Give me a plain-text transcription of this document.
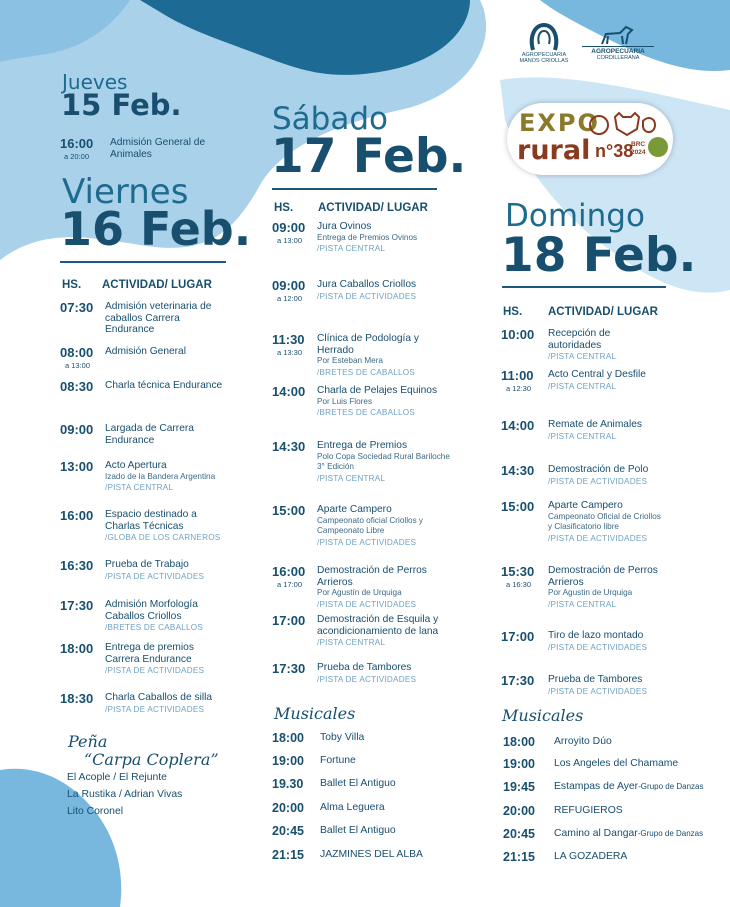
AGROPECUARIA
MANOS CRIOLLAS
AGROPECUARIA
CORDILLERANA
EXPO
rural n°38
BRC
2024
Jueves
15 Feb.
16:00
a 20:00
Admisión General de Animales
Viernes
16 Feb.
HS. ACTIVIDAD/ LUGAR
07:30 Admisión veterinaria de caballos Carrera Endurance
08:00
a 13:00
Admisión General
08:30 Charla técnica Endurance
09:00 Largada de Carrera Endurance
13:00 Acto Apertura
Izado de la Bandera Argentina
/PISTA CENTRAL
16:00 Espacio destinado a Charlas Técnicas
/GLOBA DE LOS CARNEROS
16:30 Prueba de Trabajo
/PISTA DE ACTIVIDADES
17:30 Admisión Morfología Caballos Criollos
/BRETES DE CABALLOS
18:00 Entrega de premios Carrera Endurance
/PISTA DE ACTIVIDADES
18:30 Charla Caballos de silla
/PISTA DE ACTIVIDADES
Peña
“Carpa Coplera”
El Acople / El Rejunte
La Rustika / Adrian Vivas
Lito Coronel
Sábado
17 Feb.
HS. ACTIVIDAD/ LUGAR
09:00
a 13:00
Jura Ovinos
Entrega de Premios Ovinos
/PISTA CENTRAL
09:00
a 12:00
Jura Caballos Criollos
/PISTA DE ACTIVIDADES
11:30
a 13:30
Clínica de Podología y Herrado
Por Esteban Mera
/BRETES DE CABALLOS
14:00 Charla de Pelajes Equinos
Por Luis Flores
/BRETES DE CABALLOS
14:30 Entrega de Premios
Polo Copa Sociedad Rural Bariloche 3° Edición
/PISTA CENTRAL
15:00 Aparte Campero
Campeonato oficial Criollos y Campeonato Libre
/PISTA DE ACTIVIDADES
16:00
a 17:00
Demostración de Perros Arrieros
Por Agustín de Urquiga
/PISTA DE ACTIVIDADES
17:00 Demostración de Esquila y acondicionamiento de lana
/PISTA CENTRAL
17:30 Prueba de Tambores
/PISTA DE ACTIVIDADES
Musicales
18:00 Toby Villa
19:00 Fortune
19.30 Ballet El Antiguo
20:00 Alma Leguera
20:45 Ballet El Antiguo
21:15 JAZMINES DEL ALBA
Domingo
18 Feb.
HS. ACTIVIDAD/ LUGAR
10:00 Recepción de autoridades
/PISTA CENTRAL
11:00
a 12:30
Acto Central y Desfile
/PISTA CENTRAL
14:00 Remate de Animales
/PISTA CENTRAL
14:30 Demostración de Polo
/PISTA DE ACTIVIDADES
15:00 Aparte Campero
Campeonato Oficial de Criollos y Clasificatorio libre
/PISTA DE ACTIVIDADES
15:30
a 16:30
Demostración de Perros Arrieros
Por Agustin de Urquiga
/PISTA CENTRAL
17:00 Tiro de lazo montado
/PISTA DE ACTIVIDADES
17:30 Prueba de Tambores
/PISTA DE ACTIVIDADES
Musicales
18:00 Arroyito Dúo
19:00 Los Angeles del Chamame
19:45 Estampas de Ayer-Grupo de Danzas
20:00 REFUGIEROS
20:45 Camino al Dangar-Grupo de Danzas
21:15 LA GOZADERA
